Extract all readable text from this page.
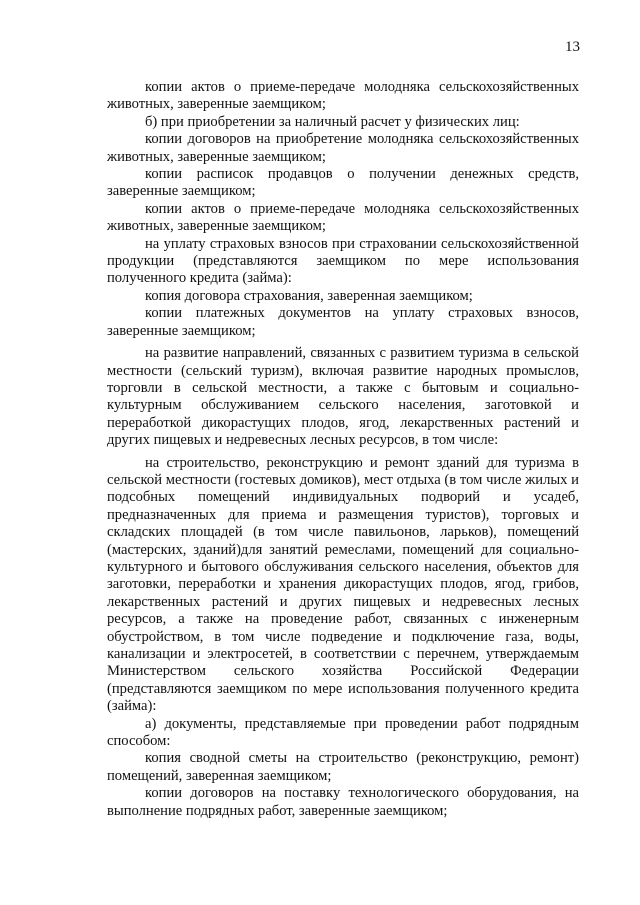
13

копии актов о приеме-передаче молодняка сельскохозяйственных животных, заверенные заемщиком;

б) при приобретении за наличный расчет у физических лиц:

копии договоров на приобретение молодняка сельскохозяйственных животных, заверенные заемщиком;

копии расписок продавцов о получении денежных средств, заверенные заемщиком;

копии актов о приеме-передаче молодняка сельскохозяйственных животных, заверенные заемщиком;

на уплату страховых взносов при страховании сельскохозяйственной продукции (представляются заемщиком по мере использования полученного кредита (займа):

копия договора страхования, заверенная заемщиком;

копии платежных документов на уплату страховых взносов, заверенные заемщиком;

на развитие направлений, связанных с развитием туризма в сельской местности (сельский туризм), включая развитие народных промыслов, торговли в сельской местности, а также с бытовым и социально-культурным обслуживанием сельского населения, заготовкой и переработкой дикорастущих плодов, ягод, лекарственных растений и других пищевых и недревесных лесных ресурсов, в том числе:

на строительство, реконструкцию и ремонт зданий для туризма в сельской местности (гостевых домиков), мест отдыха (в том числе жилых и подсобных помещений индивидуальных подворий и усадеб, предназначенных для приема и размещения туристов), торговых и складских площадей (в том числе павильонов, ларьков), помещений (мастерских, зданий)для занятий ремеслами, помещений для социально-культурного и бытового обслуживания сельского населения, объектов для заготовки, переработки и хранения дикорастущих плодов, ягод, грибов, лекарственных растений и других пищевых и недревесных лесных ресурсов, а также на проведение работ, связанных с инженерным обустройством, в том числе подведение и подключение газа, воды, канализации и электросетей, в соответствии с перечнем, утверждаемым Министерством сельского хозяйства Российской Федерации (представляются заемщиком по мере использования полученного кредита (займа):

а) документы, представляемые при проведении работ подрядным способом:

копия сводной сметы на строительство (реконструкцию, ремонт) помещений, заверенная заемщиком;

копии договоров на поставку технологического оборудования, на выполнение подрядных работ, заверенные заемщиком;
